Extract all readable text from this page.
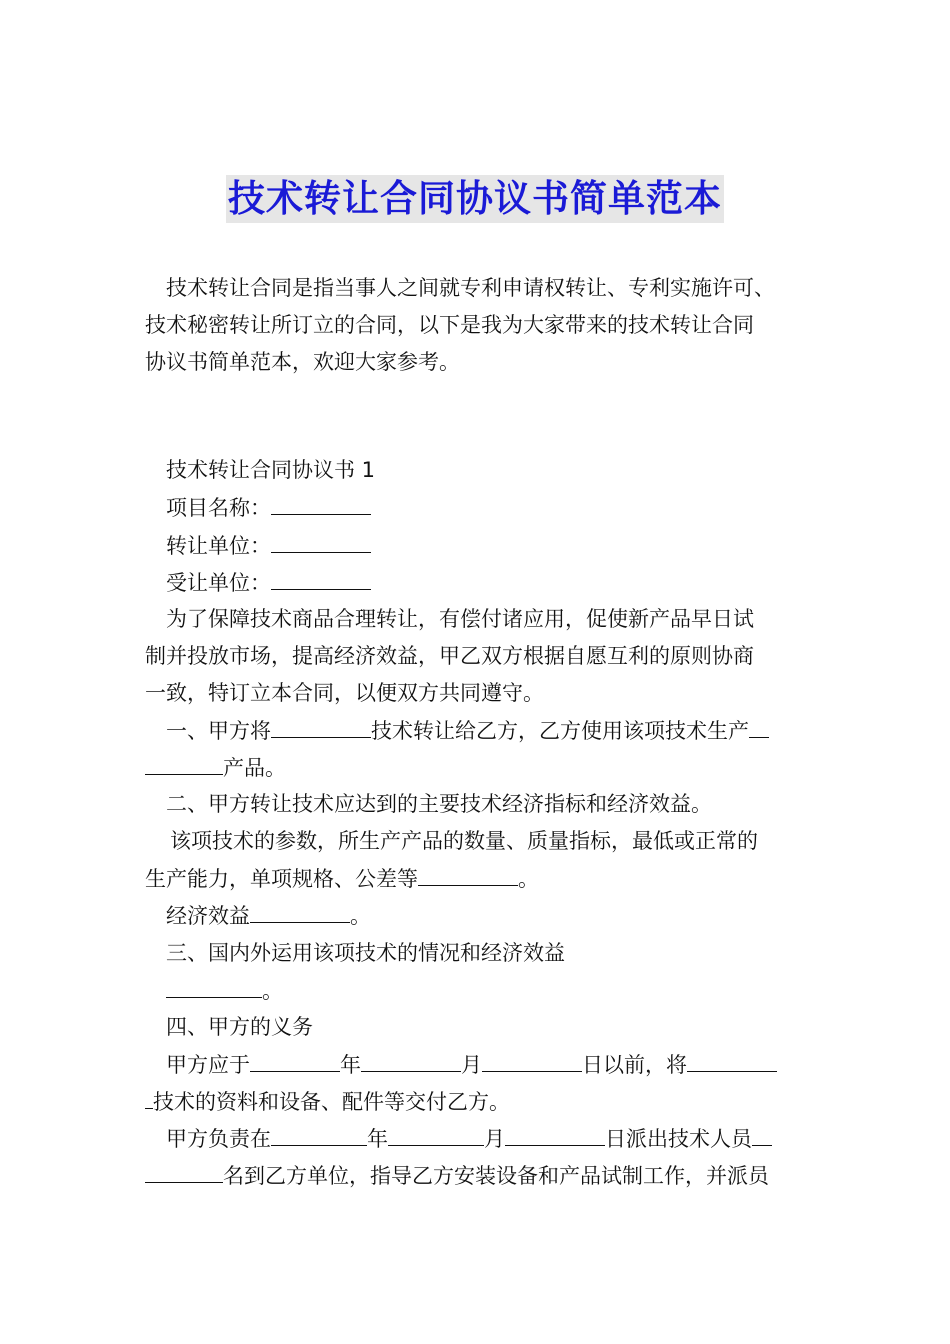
技术转让合同协议书简单范本
技术转让合同是指当事人之间就专利申请权转让、专利实施许可、
技术秘密转让所订立的合同，以下是我为大家带来的技术转让合同
协议书简单范本，欢迎大家参考。
技术转让合同协议书 1
项目名称：
转让单位：
受让单位：
为了保障技术商品合理转让，有偿付诸应用，促使新产品早日试
制并投放市场，提高经济效益，甲乙双方根据自愿互利的原则协商
一致，特订立本合同，以便双方共同遵守。
一、甲方将	技术转让给乙方，乙方使用该项技术生产
产品。
二、甲方转让技术应达到的主要技术经济指标和经济效益。
该项技术的参数，所生产产品的数量、质量指标，最低或正常的
生产能力，单项规格、公差等	。
经济效益	。
三、国内外运用该项技术的情况和经济效益
。
四、甲方的义务
甲方应于	年	月	日以前，将
技术的资料和设备、配件等交付乙方。
甲方负责在	年	月	日派出技术人员
名到乙方单位，指导乙方安装设备和产品试制工作，并派员
